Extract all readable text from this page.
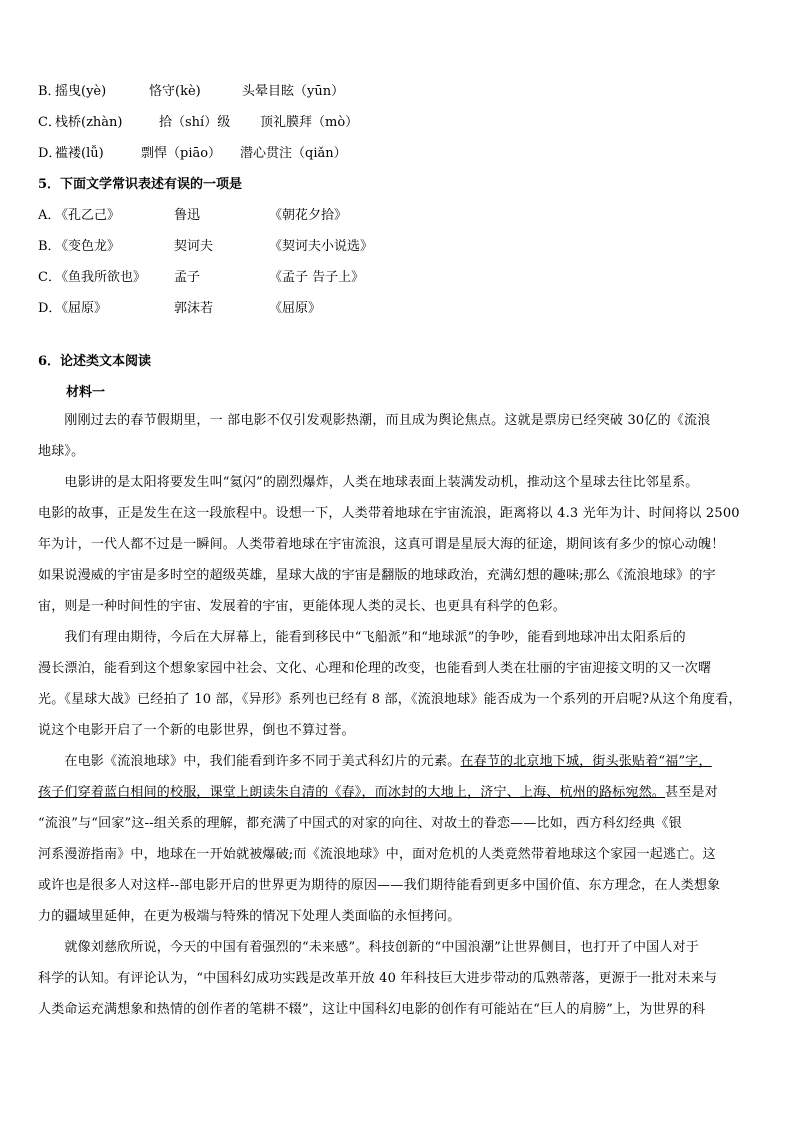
B．
摇曳(yè)	恪守(kè)	头晕目眩（yūn）
C．
栈桥(zhàn)	拾（shí）级 顶礼膜拜（mò）
D．
褴褛(lǚ)	剽悍（piāo） 潜心贯注（qiǎn）
5．下面文学常识表述有误的一项是
A．
《孔乙己》	鲁迅	《朝花夕拾》
B．
《变色龙》	契诃夫	《契诃夫小说选》
C．
《鱼我所欲也》 孟子	《孟子 告子上》
D．
《屈原》	郭沫若	《屈原》
6．论述类文本阅读
材料一
　　刚刚过去的春节假期里，一 部电影不仅引发观影热潮，而且成为舆论焦点。这就是票房已经突破 30亿的《流浪
地球》。
　　电影讲的是太阳将要发生叫“氦闪”的剧烈爆炸，人类在地球表面上装满发动机，推动这个星球去往比邻星系。
电影的故事，正是发生在这一段旅程中。设想一下，人类带着地球在宇宙流浪，距离将以 4.3 光年为计、时间将以 2500
年为计，一代人都不过是一瞬间。人类带着地球在宇宙流浪，这真可谓是星辰大海的征途，期间该有多少的惊心动魄！
如果说漫威的宇宙是多时空的超级英雄，星球大战的宇宙是翻版的地球政治，充满幻想的趣味;那么《流浪地球》的宇
宙，则是一种时间性的宇宙、发展着的宇宙，更能体现人类的灵长、也更具有科学的色彩。
　　我们有理由期待，今后在大屏幕上，能看到移民中“飞船派”和“地球派”的争吵，能看到地球冲出太阳系后的
漫长漂泊，能看到这个想象家园中社会、文化、心理和伦理的改变，也能看到人类在壮丽的宇宙迎接文明的又一次曙
光。《星球大战》已经拍了 10 部，《异形》系列也已经有 8 部，《流浪地球》能否成为一个系列的开启呢?从这个角度看，
说这个电影开启了一个新的电影世界，倒也不算过誉。
　　在电影《流浪地球》中，我们能看到许多不同于美式科幻片的元素。在春节的北京地下城，街头张贴着“福”字，
孩子们穿着蓝白相间的校服，课堂上朗读朱自清的《春》，而冰封的大地上，济宁、上海、杭州的路标宛然。甚至是对
“流浪”与“回家”这--组关系的理解，都充满了中国式的对家的向往、对故土的眷恋——比如，西方科幻经典《银
河系漫游指南》中，地球在一开始就被爆破;而《流浪地球》中，面对危机的人类竟然带着地球这个家园一起逃亡。这
或许也是很多人对这样--部电影开启的世界更为期待的原因——我们期待能看到更多中国价值、东方理念，在人类想象
力的疆域里延伸，在更为极端与特殊的情况下处理人类面临的永恒拷问。
　　就像刘慈欣所说，今天的中国有着强烈的“未来感”。科技创新的“中国浪潮”让世界侧目，也打开了中国人对于
科学的认知。有评论认为，“中国科幻成功实践是改革开放 40 年科技巨大进步带动的瓜熟蒂落，更源于一批对未来与
人类命运充满想象和热情的创作者的笔耕不辍”，这让中国科幻电影的创作有可能站在“巨人的肩膀”上，为世界的科
